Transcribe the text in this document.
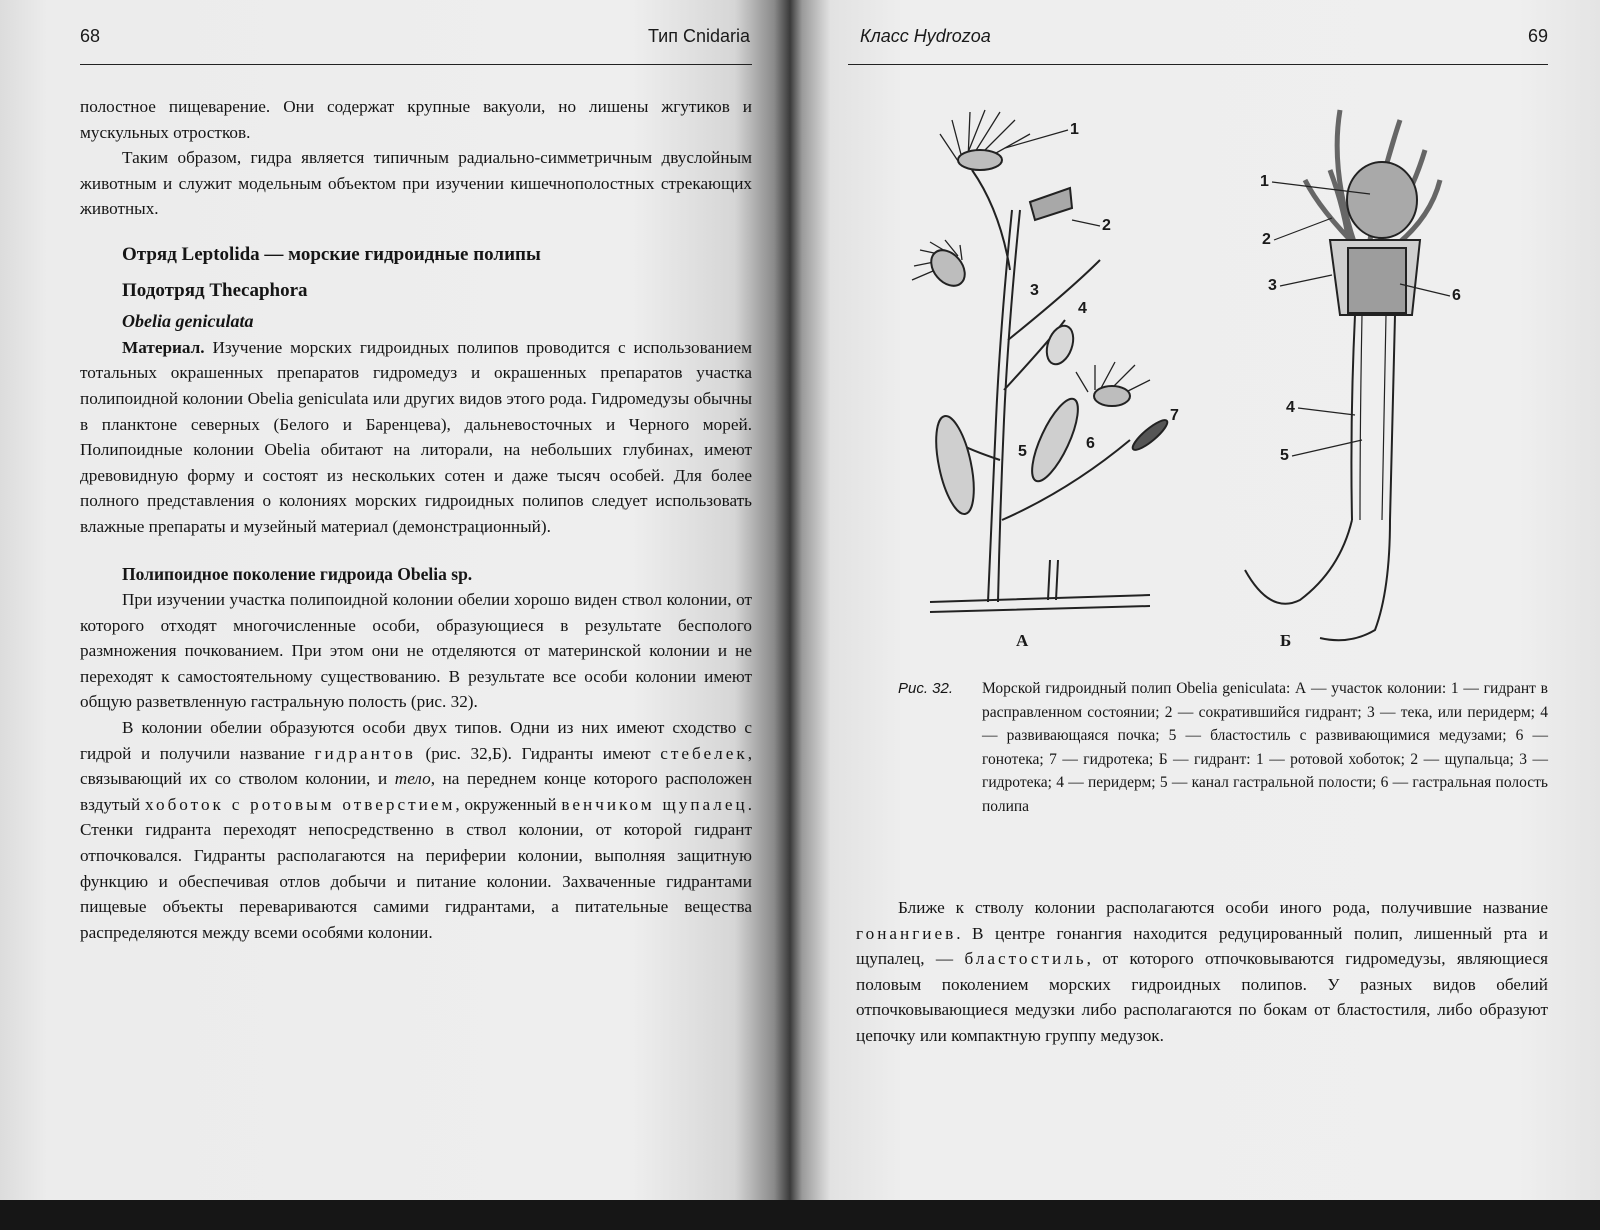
68	Тип Cnidaria

полостное пищеварение. Они содержат крупные вакуоли, но лишены жгутиков и мускульных отростков.

Таким образом, гидра является типичным радиально-симметричным двуслойным животным и служит модельным объектом при изучении кишечнополостных стрекающих животных.

Отряд Leptolida — морские гидроидные полипы

Подотряд Thecaphora

Obelia geniculata

Материал. Изучение морских гидроидных полипов проводится с использованием тотальных окрашенных препаратов гидромедуз и окрашенных препаратов участка полипоидной колонии Obelia geniculata или других видов этого рода. Гидромедузы обычны в планктоне северных (Белого и Баренцева), дальневосточных и Черного морей. Полипоидные колонии Obelia обитают на литорали, на небольших глубинах, имеют древовидную форму и состоят из нескольких сотен и даже тысяч особей. Для более полного представления о колониях морских гидроидных полипов следует использовать влажные препараты и музейный материал (демонстрационный).

Полипоидное поколение гидроида Obelia sp.

При изучении участка полипоидной колонии обелии хорошо виден ствол колонии, от которого отходят многочисленные особи, образующиеся в результате бесполого размножения почкованием. При этом они не отделяются от материнской колонии и не переходят к самостоятельному существованию. В результате все особи колонии имеют общую разветвленную гастральную полость (рис. 32).

В колонии обелии образуются особи двух типов. Одни из них имеют сходство с гидрой и получили название гидрантов (рис. 32,Б). Гидранты имеют стебелек, связывающий их со стволом колонии, и тело, на переднем конце которого расположен вздутый хоботок с ротовым отверстием, окруженный венчиком щупалец. Стенки гидранта переходят непосредственно в ствол колонии, от которой гидрант отпочковался. Гидранты располагаются на периферии колонии, выполняя защитную функцию и обеспечивая отлов добычи и питание колонии. Захваченные гидрантами пищевые объекты перевариваются самими гидрантами, а питательные вещества распределяются между всеми особями колонии.

Класс Hydrozoa	69
1
2
3
4
5	6
7
А
1
2
3
4
5
6
Б
Рис. 32. Морской гидроидный полип Obelia geniculata: А — участок колонии: 1 — гидрант в расправленном состоянии; 2 — сократившийся гидрант; 3 — тека, или перидерм; 4 — развивающаяся почка; 5 — бластостиль с развивающимися медузами; 6 — гонотека; 7 — гидротека; Б — гидрант: 1 — ротовой хоботок; 2 — щупальца; 3 — гидротека; 4 — перидерм; 5 — канал гастральной полости; 6 — гастральная полость полипа

Ближе к стволу колонии располагаются особи иного рода, получившие название гонангиев. В центре гонангия находится редуцированный полип, лишенный рта и щупалец, — бластостиль, от которого отпочковываются гидромедузы, являющиеся половым поколением морских гидроидных полипов. У разных видов обелий отпочковывающиеся медузки либо располагаются по бокам от бластостиля, либо образуют цепочку или компактную группу медузок.
